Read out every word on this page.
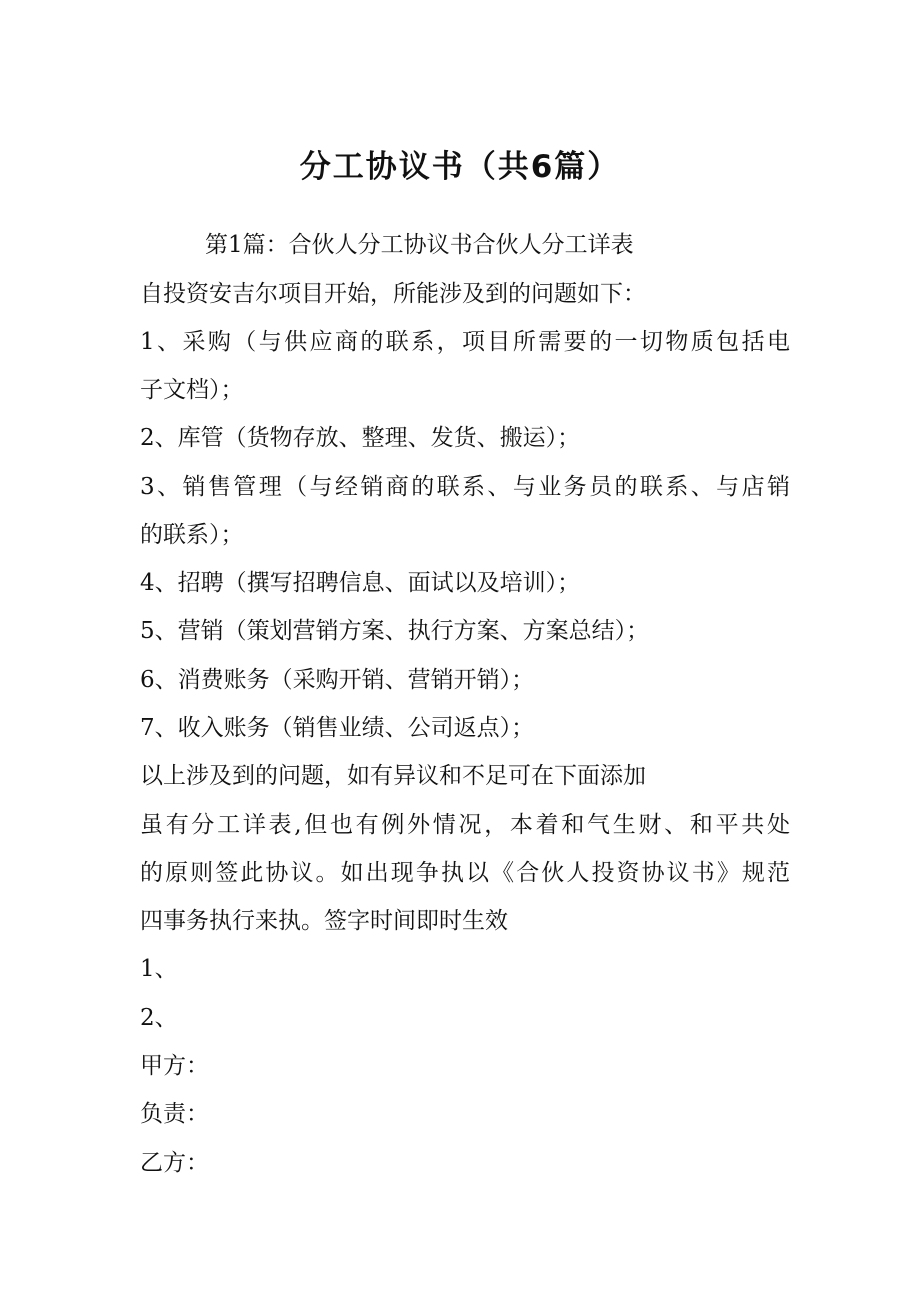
分工协议书（共6篇）
第1篇：合伙人分工协议书合伙人分工详表
自投资安吉尔项目开始，所能涉及到的问题如下：
1、采购（与供应商的联系，项目所需要的一切物质包括电
子文档）；
2、库管（货物存放、整理、发货、搬运）；
3、销售管理（与经销商的联系、与业务员的联系、与店销
的联系）；
4、招聘（撰写招聘信息、面试以及培训）；
5、营销（策划营销方案、执行方案、方案总结）；
6、消费账务（采购开销、营销开销）；
7、收入账务（销售业绩、公司返点）；
以上涉及到的问题，如有异议和不足可在下面添加
虽有分工详表,但也有例外情况，本着和气生财、和平共处
的原则签此协议。如出现争执以《合伙人投资协议书》规范
四事务执行来执。签字时间即时生效
1、
2、
甲方：
负责：
乙方：
